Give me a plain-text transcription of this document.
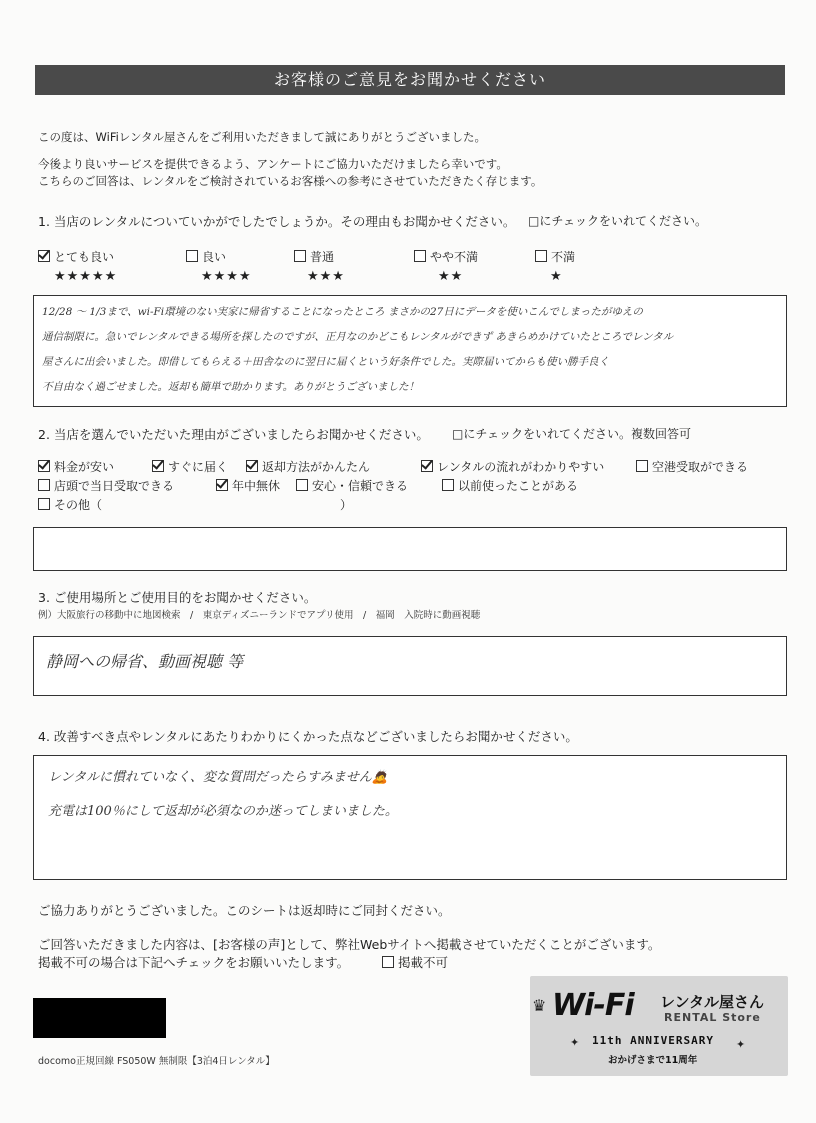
お客様のご意見をお聞かせください
この度は、WiFiレンタル屋さんをご利用いただきまして誠にありがとうございました。
今後より良いサービスを提供できるよう、アンケートにご協力いただけましたら幸いです。
こちらのご回答は、レンタルをご検討されているお客様への参考にさせていただきたく存じます。
1. 当店のレンタルについていかがでしたでしょうか。その理由もお聞かせください。 □にチェックをいれてください。
とても良い
★★★★★
良い
★★★★
普通
★★★
やや不満
★★
不満
★
12/28 ～ 1/3まで、wi-Fi環境のない実家に帰省することになったところ まさかの27日にデータを使いこんでしまったがゆえの
通信制限に。急いでレンタルできる場所を探したのですが、正月なのかどこもレンタルができず あきらめかけていたところでレンタル
屋さんに出会いました。即借してもらえる＋田舎なのに翌日に届くという好条件でした。実際届いてからも使い勝手良く
不自由なく過ごせました。返却も簡単で助かります。ありがとうございました！
2. 当店を選んでいただいた理由がございましたらお聞かせください。 □にチェックをいれてください。複数回答可
料金が安い	すぐに届く	返却方法がかんたん	レンタルの流れがわかりやすい	空港受取ができる
店頭で当日受取できる	年中無休	安心・信頼できる	以前使ったことがある
その他（	）
3. ご使用場所とご使用目的をお聞かせください。
例）大阪旅行の移動中に地図検索　/　東京ディズニーランドでアプリ使用　/　福岡　入院時に動画視聴
静岡への帰省、動画視聴 等
4. 改善すべき点やレンタルにあたりわかりにくかった点などございましたらお聞かせください。
レンタルに慣れていなく、変な質問だったらすみません🙇
充電は100％にして返却が必須なのか迷ってしまいました。
ご協力ありがとうございました。このシートは返却時にご同封ください。
ご回答いただきました内容は、[お客様の声]として、弊社Webサイトへ掲載させていただくことがございます。
掲載不可の場合は下記へチェックをお願いいたします。	掲載不可
docomo正規回線 FS050W 無制限【3泊4日レンタル】
♛ Wi-Fi レンタル屋さん
RENTAL Store
✦ 11th ANNIVERSARY ✦
おかげさまで11周年
